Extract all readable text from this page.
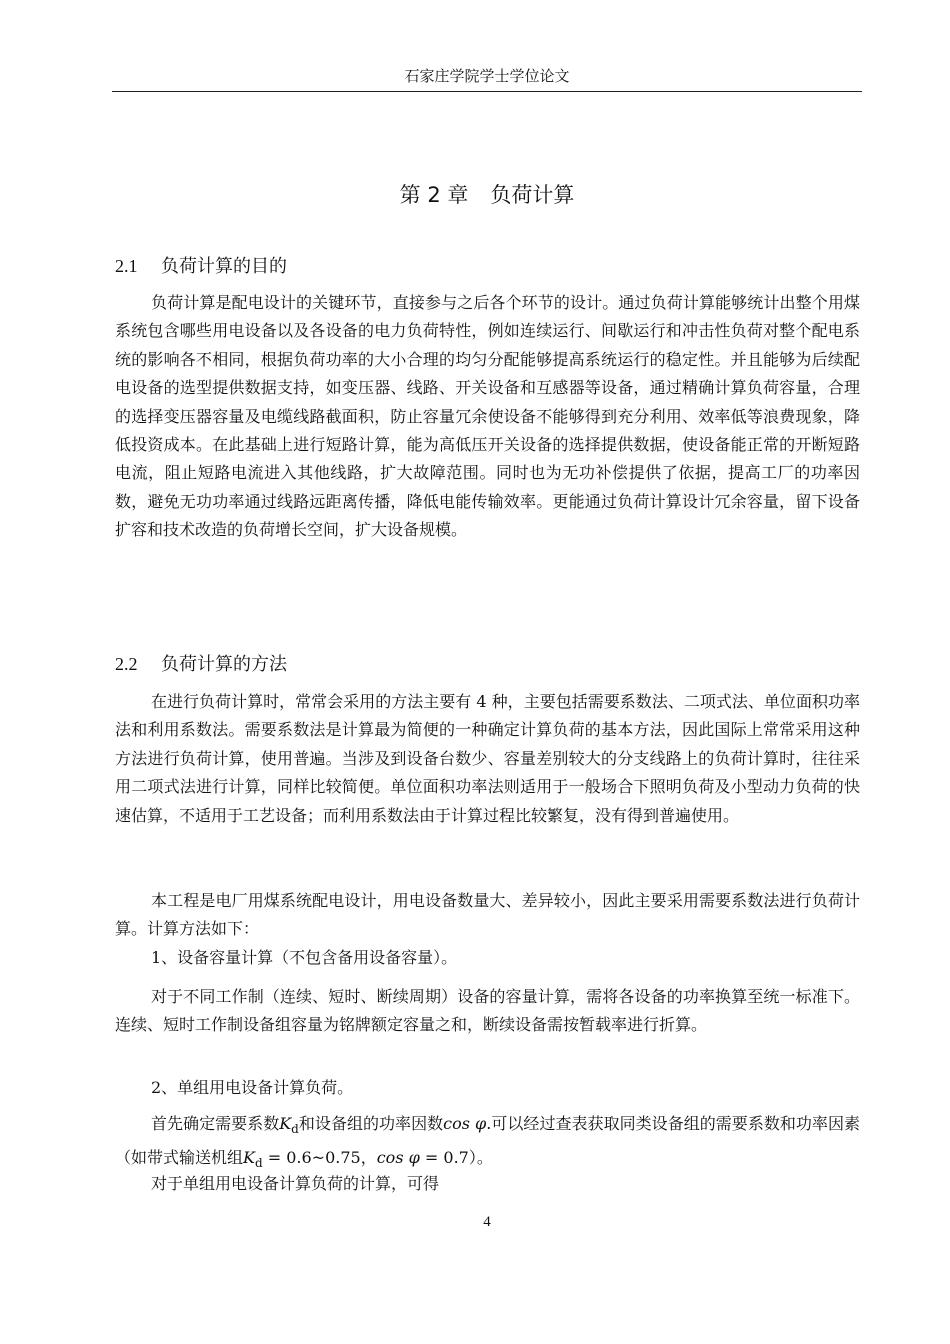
石家庄学院学士学位论文
第 2 章 负荷计算
2.1 负荷计算的目的
负荷计算是配电设计的关键环节，直接参与之后各个环节的设计。通过负荷计算能够统计出整个用煤系统包含哪些用电设备以及各设备的电力负荷特性，例如连续运行、间歇运行和冲击性负荷对整个配电系统的影响各不相同，根据负荷功率的大小合理的均匀分配能够提高系统运行的稳定性。并且能够为后续配电设备的选型提供数据支持，如变压器、线路、开关设备和互感器等设备，通过精确计算负荷容量，合理的选择变压器容量及电缆线路截面积，防止容量冗余使设备不能够得到充分利用、效率低等浪费现象，降低投资成本。在此基础上进行短路计算，能为高低压开关设备的选择提供数据，使设备能正常的开断短路电流，阻止短路电流进入其他线路，扩大故障范围。同时也为无功补偿提供了依据，提高工厂的功率因数，避免无功功率通过线路远距离传播，降低电能传输效率。更能通过负荷计算设计冗余容量，留下设备扩容和技术改造的负荷增长空间，扩大设备规模。
2.2 负荷计算的方法
在进行负荷计算时，常常会采用的方法主要有 4 种，主要包括需要系数法、二项式法、单位面积功率法和利用系数法。需要系数法是计算最为简便的一种确定计算负荷的基本方法，因此国际上常常采用这种方法进行负荷计算，使用普遍。当涉及到设备台数少、容量差别较大的分支线路上的负荷计算时，往往采用二项式法进行计算，同样比较简便。单位面积功率法则适用于一般场合下照明负荷及小型动力负荷的快速估算，不适用于工艺设备；而利用系数法由于计算过程比较繁复，没有得到普遍使用。
本工程是电厂用煤系统配电设计，用电设备数量大、差异较小，因此主要采用需要系数法进行负荷计算。计算方法如下：
1、设备容量计算（不包含备用设备容量）。
对于不同工作制（连续、短时、断续周期）设备的容量计算，需将各设备的功率换算至统一标准下。连续、短时工作制设备组容量为铭牌额定容量之和，断续设备需按暂载率进行折算。
2、单组用电设备计算负荷。
首先确定需要系数$K_d$和设备组的功率因数cos φ.可以经过查表获取同类设备组的需要系数和功率因素（如带式输送机组$K_d$ = 0.6~0.75，cos φ = 0.7）。
对于单组用电设备计算负荷的计算，可得
4
